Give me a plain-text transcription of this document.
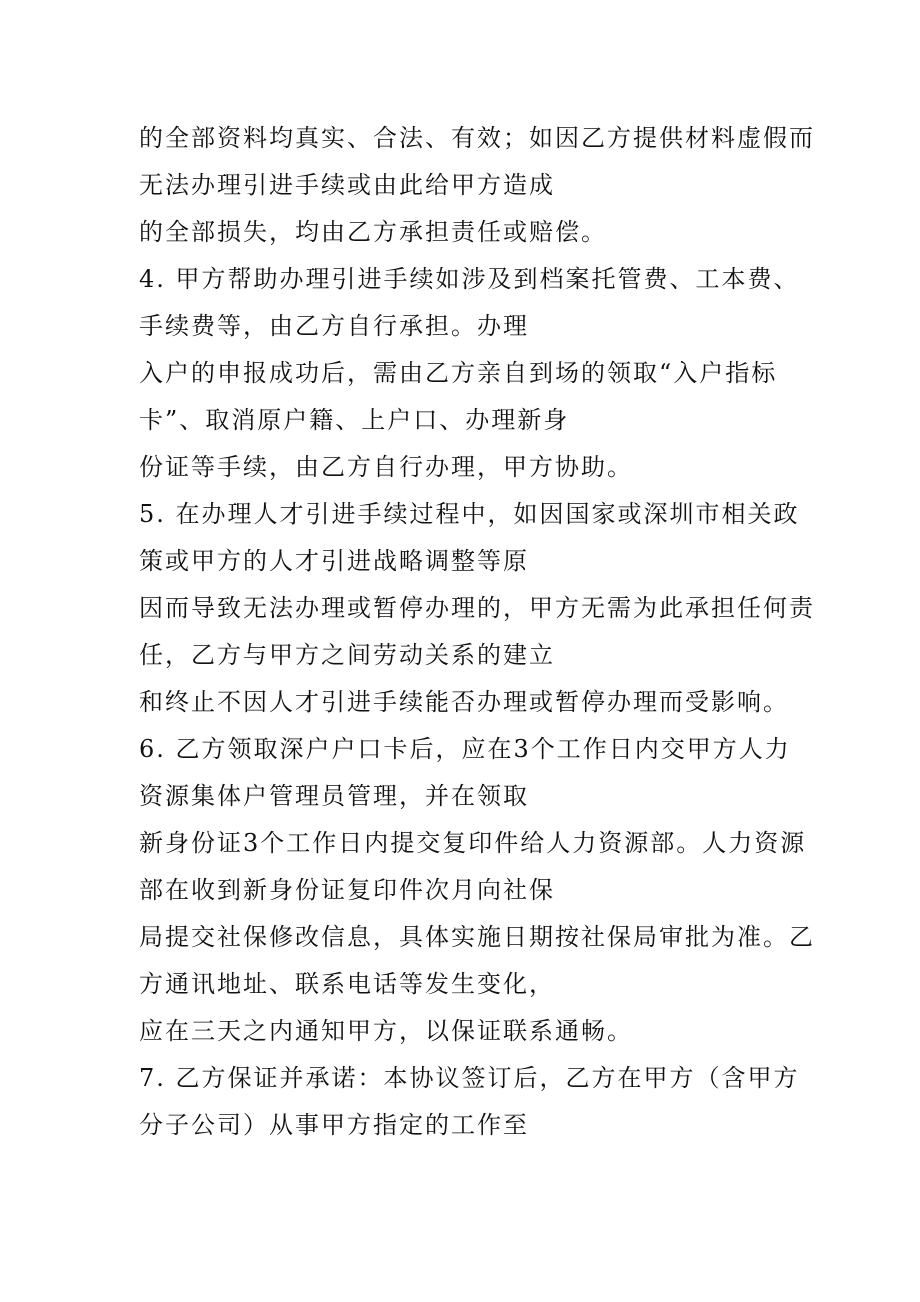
的全部资料均真实、合法、有效；如因乙方提供材料虚假而
无法办理引进手续或由此给甲方造成
的全部损失，均由乙方承担责任或赔偿。
4. 甲方帮助办理引进手续如涉及到档案托管费、工本费、
手续费等，由乙方自行承担。办理
入户的申报成功后，需由乙方亲自到场的领取“入户指标
卡”、取消原户籍、上户口、办理新身
份证等手续，由乙方自行办理，甲方协助。
5. 在办理人才引进手续过程中，如因国家或深圳市相关政
策或甲方的人才引进战略调整等原
因而导致无法办理或暂停办理的，甲方无需为此承担任何责
任，乙方与甲方之间劳动关系的建立
和终止不因人才引进手续能否办理或暂停办理而受影响。
6. 乙方领取深户户口卡后，应在3个工作日内交甲方人力
资源集体户管理员管理，并在领取
新身份证3个工作日内提交复印件给人力资源部。人力资源
部在收到新身份证复印件次月向社保
局提交社保修改信息，具体实施日期按社保局审批为准。乙
方通讯地址、联系电话等发生变化，
应在三天之内通知甲方，以保证联系通畅。
7. 乙方保证并承诺：本协议签订后，乙方在甲方（含甲方
分子公司）从事甲方指定的工作至
